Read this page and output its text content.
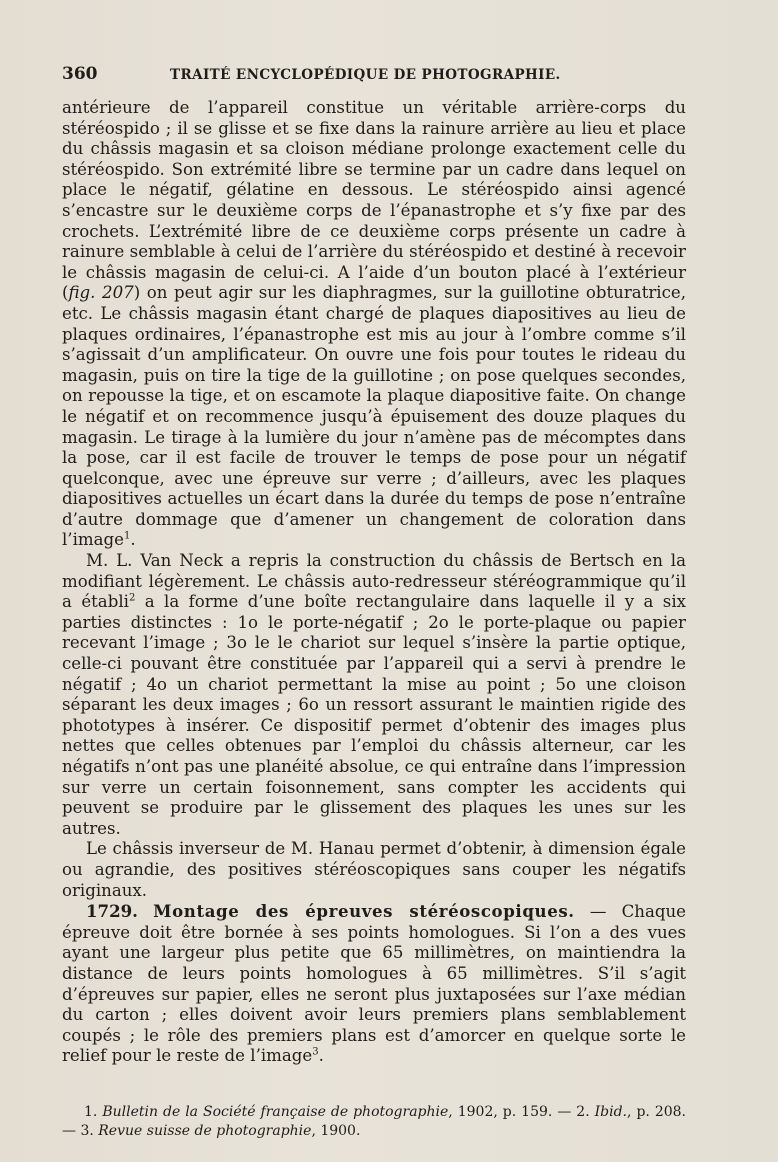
360	TRAITÉ ENCYCLOPÉDIQUE DE PHOTOGRAPHIE.

antérieure de l’appareil constitue un véritable arrière-corps du stéréospido ; il se glisse et se fixe dans la rainure arrière au lieu et place du châssis magasin et sa cloison médiane prolonge exactement celle du stéréospido. Son extrémité libre se termine par un cadre dans lequel on place le négatif, gélatine en dessous. Le stéréospido ainsi agencé s’encastre sur le deuxième corps de l’épanastrophe et s’y fixe par des crochets. L’extrémité libre de ce deuxième corps présente un cadre à rainure semblable à celui de l’arrière du stéréospido et destiné à recevoir le châssis magasin de celui-ci. A l’aide d’un bouton placé à l’extérieur (fig. 207) on peut agir sur les diaphragmes, sur la guillotine obturatrice, etc. Le châssis magasin étant chargé de plaques diapositives au lieu de plaques ordinaires, l’épanastrophe est mis au jour à l’ombre comme s’il s’agissait d’un amplificateur. On ouvre une fois pour toutes le rideau du magasin, puis on tire la tige de la guillotine ; on pose quelques secondes, on repousse la tige, et on escamote la plaque diapositive faite. On change le négatif et on recommence jusqu’à épuisement des douze plaques du magasin. Le tirage à la lumière du jour n’amène pas de mécomptes dans la pose, car il est facile de trouver le temps de pose pour un négatif quelconque, avec une épreuve sur verre ; d’ailleurs, avec les plaques diapositives actuelles un écart dans la durée du temps de pose n’entraîne d’autre dommage que d’amener un changement de coloration dans l’image$^1$.

M. L. Van Neck a repris la construction du châssis de Bertsch en la modifiant légèrement. Le châssis auto-redresseur stéréogrammique qu’il a établi$^2$ a la forme d’une boîte rectangulaire dans laquelle il y a six parties distinctes : 1o le porte-négatif ; 2o le porte-plaque ou papier recevant l’image ; 3o le le chariot sur lequel s’insère la partie optique, celle-ci pouvant être constituée par l’appareil qui a servi à prendre le négatif ; 4o un chariot permettant la mise au point ; 5o une cloison séparant les deux images ; 6o un ressort assurant le maintien rigide des phototypes à insérer. Ce dispositif permet d’obtenir des images plus nettes que celles obtenues par l’emploi du châssis alterneur, car les négatifs n’ont pas une planéité absolue, ce qui entraîne dans l’impression sur verre un certain foisonnement, sans compter les accidents qui peuvent se produire par le glissement des plaques les unes sur les autres.

Le châssis inverseur de M. Hanau permet d’obtenir, à dimension égale ou agrandie, des positives stéréoscopiques sans couper les négatifs originaux.

1729. Montage des épreuves stéréoscopiques. — Chaque épreuve doit être bornée à ses points homologues. Si l’on a des vues ayant une largeur plus petite que 65 millimètres, on maintiendra la distance de leurs points homologues à 65 millimètres. S’il s’agit d’épreuves sur papier, elles ne seront plus juxtaposées sur l’axe médian du carton ; elles doivent avoir leurs premiers plans semblablement coupés ; le rôle des premiers plans est d’amorcer en quelque sorte le relief pour le reste de l’image$^3$.

1. Bulletin de la Société française de photographie, 1902, p. 159. — 2. Ibid., p. 208. — 3. Revue suisse de photographie, 1900.
